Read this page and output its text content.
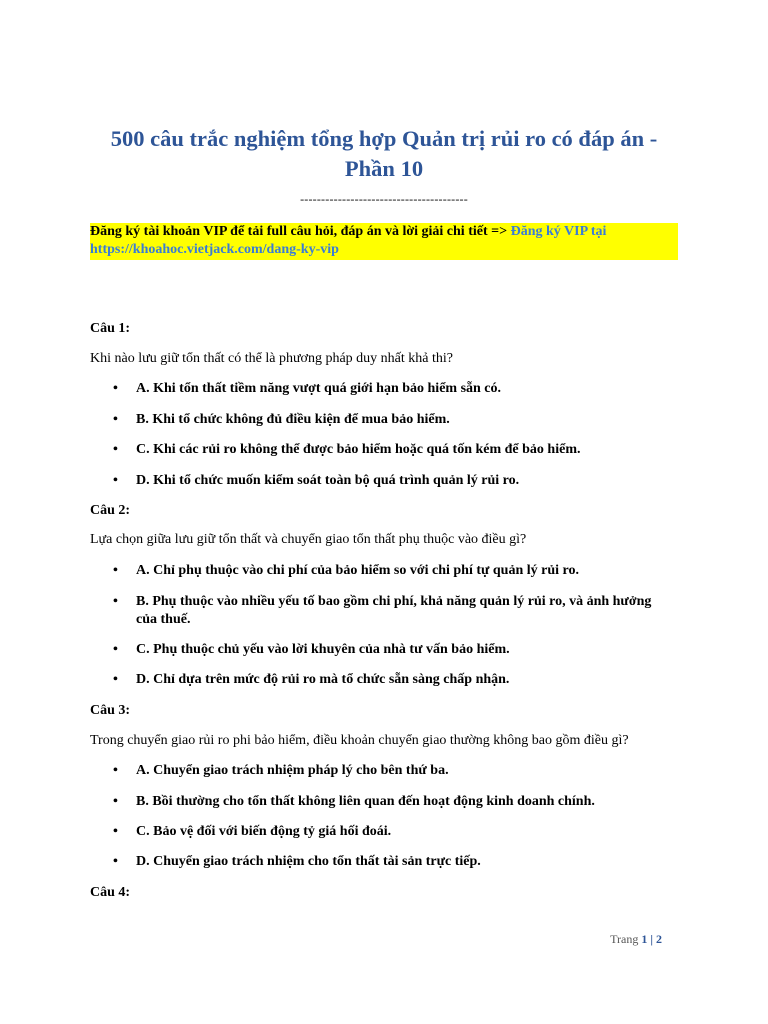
500 câu trắc nghiệm tổng hợp Quản trị rủi ro có đáp án - Phần 10
----------------------------------------
Đăng ký tài khoản VIP để tải full câu hỏi, đáp án và lời giải chi tiết => Đăng ký VIP tại
https://khoahoc.vietjack.com/dang-ky-vip
Câu 1:
Khi nào lưu giữ tổn thất có thể là phương pháp duy nhất khả thi?
• A. Khi tổn thất tiềm năng vượt quá giới hạn bảo hiểm sẵn có.
• B. Khi tổ chức không đủ điều kiện để mua bảo hiểm.
• C. Khi các rủi ro không thể được bảo hiểm hoặc quá tốn kém để bảo hiểm.
• D. Khi tổ chức muốn kiểm soát toàn bộ quá trình quản lý rủi ro.
Câu 2:
Lựa chọn giữa lưu giữ tổn thất và chuyển giao tổn thất phụ thuộc vào điều gì?
• A. Chỉ phụ thuộc vào chi phí của bảo hiểm so với chi phí tự quản lý rủi ro.
• B. Phụ thuộc vào nhiều yếu tố bao gồm chi phí, khả năng quản lý rủi ro, và ảnh hưởng của thuế.
• C. Phụ thuộc chủ yếu vào lời khuyên của nhà tư vấn bảo hiểm.
• D. Chỉ dựa trên mức độ rủi ro mà tổ chức sẵn sàng chấp nhận.
Câu 3:
Trong chuyển giao rủi ro phi bảo hiểm, điều khoản chuyển giao thường không bao gồm điều gì?
• A. Chuyển giao trách nhiệm pháp lý cho bên thứ ba.
• B. Bồi thường cho tổn thất không liên quan đến hoạt động kinh doanh chính.
• C. Bảo vệ đối với biến động tỷ giá hối đoái.
• D. Chuyển giao trách nhiệm cho tổn thất tài sản trực tiếp.
Câu 4:
Trang 1 | 2
